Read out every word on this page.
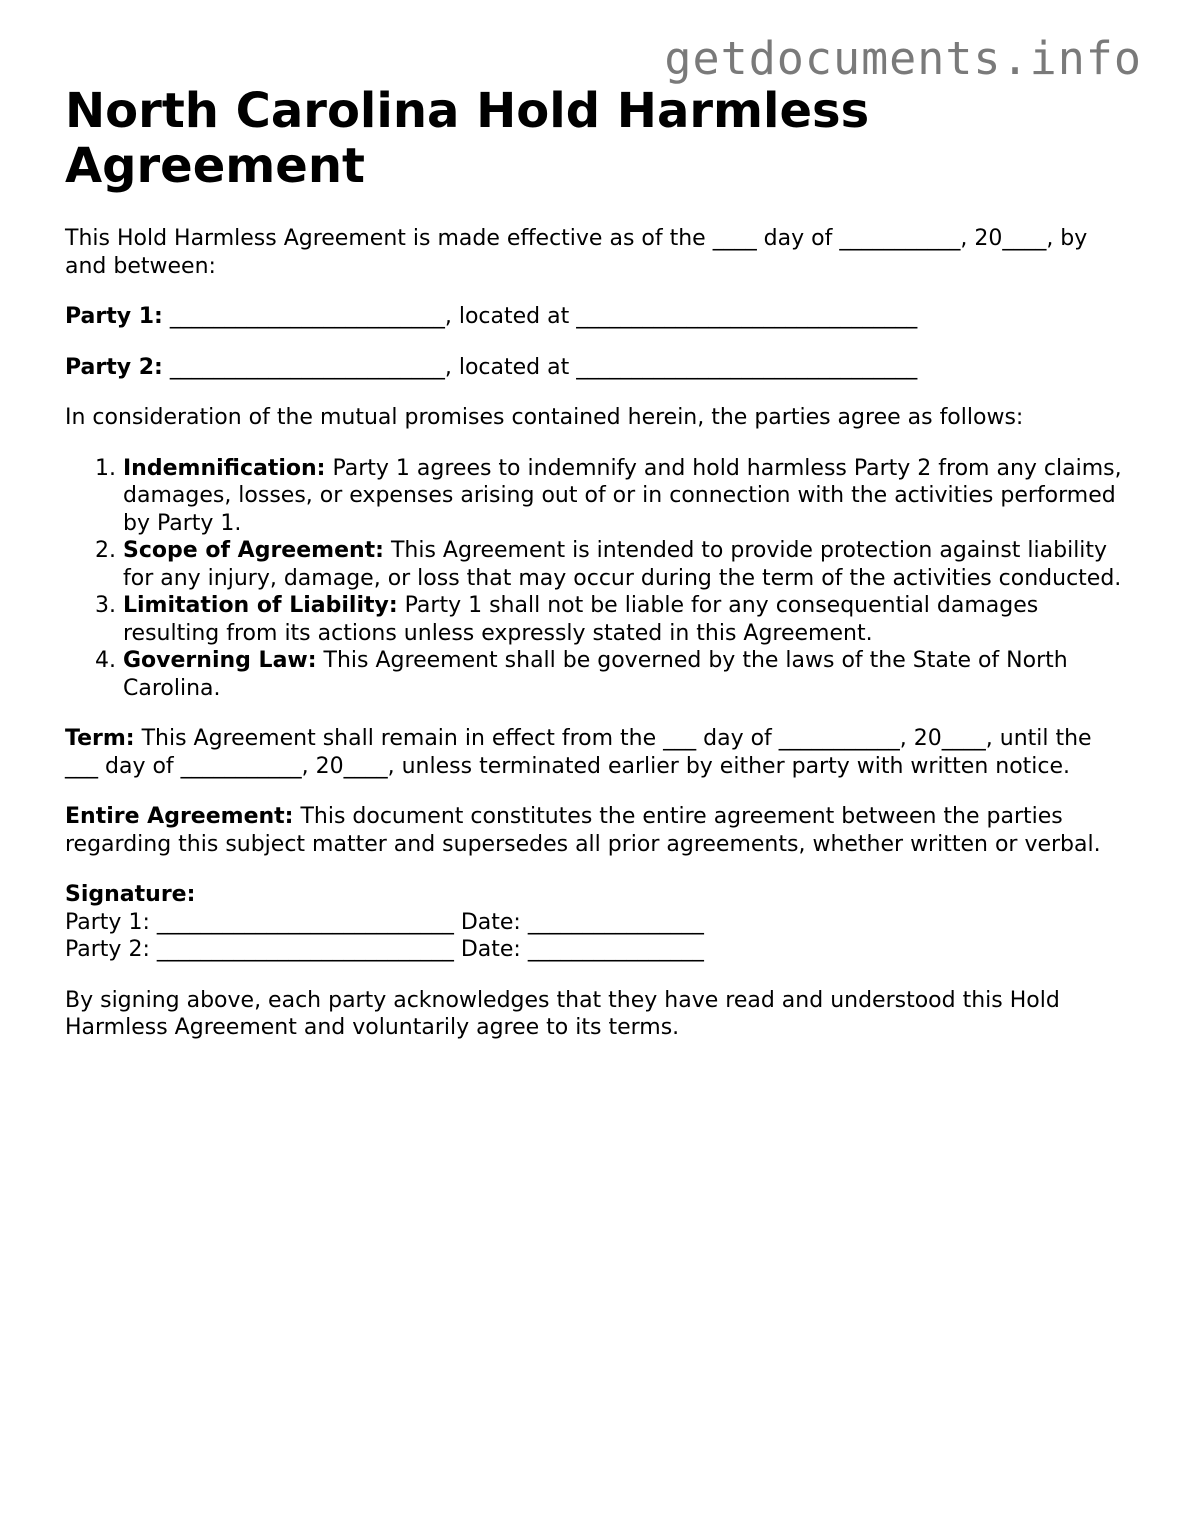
getdocuments.info
North Carolina Hold Harmless Agreement

This Hold Harmless Agreement is made effective as of the ____ day of ___________, 20____, by and between:

Party 1: _________________________, located at _______________________________

Party 2: _________________________, located at _______________________________

In consideration of the mutual promises contained herein, the parties agree as follows:

1. Indemnification: Party 1 agrees to indemnify and hold harmless Party 2 from any claims, damages, losses, or expenses arising out of or in connection with the activities performed by Party 1.
2. Scope of Agreement: This Agreement is intended to provide protection against liability for any injury, damage, or loss that may occur during the term of the activities conducted.
3. Limitation of Liability: Party 1 shall not be liable for any consequential damages resulting from its actions unless expressly stated in this Agreement.
4. Governing Law: This Agreement shall be governed by the laws of the State of North Carolina.

Term: This Agreement shall remain in effect from the ___ day of ___________, 20____, until the ___ day of ___________, 20____, unless terminated earlier by either party with written notice.

Entire Agreement: This document constitutes the entire agreement between the parties regarding this subject matter and supersedes all prior agreements, whether written or verbal.

Signature:

Party 1: ___________________________ Date: ________________

Party 2: ___________________________ Date: ________________

By signing above, each party acknowledges that they have read and understood this Hold Harmless Agreement and voluntarily agree to its terms.
